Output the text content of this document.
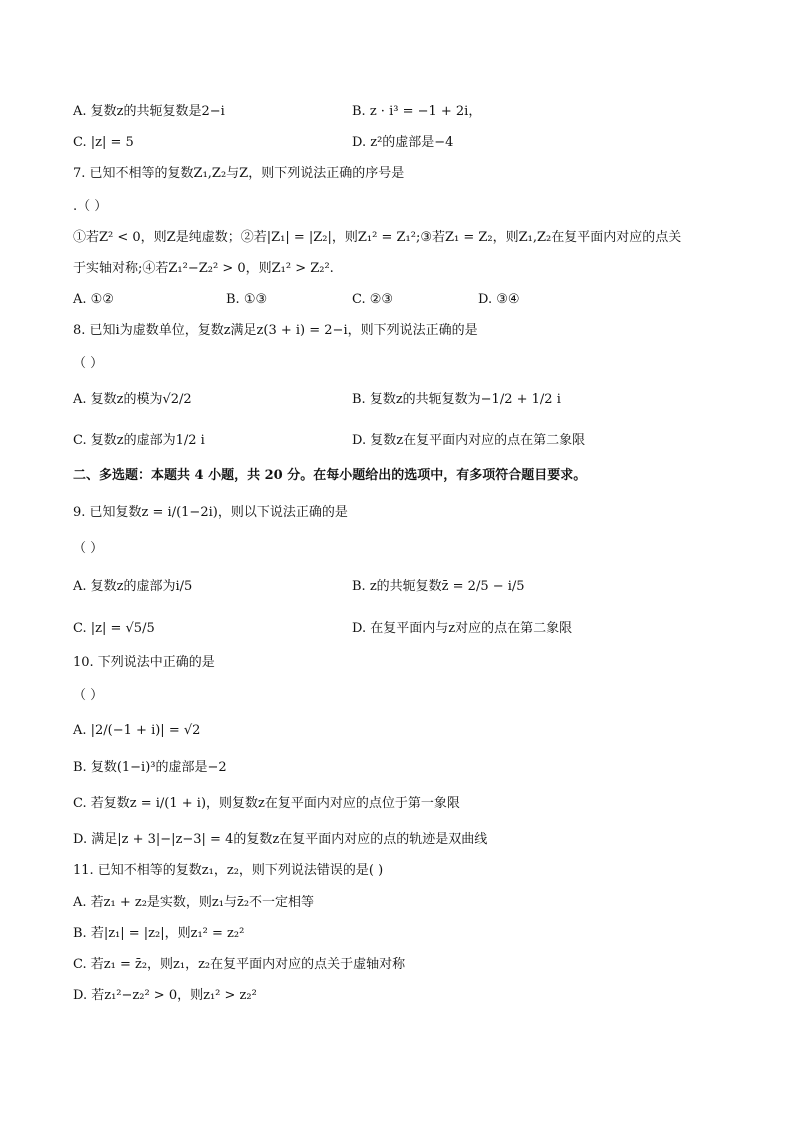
A. 复数z的共轭复数是2−i	B. z · i³ = −1 + 2i，
C. |z| = 5	D. z²的虚部是−4
7. 已知不相等的复数Z₁,Z₂与Z，则下列说法正确的序号是
.（ ）
①若Z² < 0，则Z是纯虚数；②若|Z₁| = |Z₂|，则Z₁² = Z₁²;③若Z₁ = Z₂，则Z₁,Z₂在复平面内对应的点关
于实轴对称;④若Z₁²−Z₂² > 0，则Z₁² > Z₂².
A. ①②	B. ①③	C. ②③	D. ③④
8. 已知i为虚数单位，复数z满足z(3 + i) = 2−i，则下列说法正确的是
（ ）
A. 复数z的模为√2/2	B. 复数z的共轭复数为−1/2 + 1/2 i
C. 复数z的虚部为1/2 i	D. 复数z在复平面内对应的点在第二象限
二、多选题：本题共 4 小题，共 20 分。在每小题给出的选项中，有多项符合题目要求。
9. 已知复数z = i/(1−2i)，则以下说法正确的是
（ ）
A. 复数z的虚部为i/5	B. z的共轭复数z̄ = 2/5 − i/5
C. |z| = √5/5	D. 在复平面内与z对应的点在第二象限
10. 下列说法中正确的是
（ ）
A. |2/(−1 + i)| = √2
B. 复数(1−i)³的虚部是−2
C. 若复数z = i/(1 + i)，则复数z在复平面内对应的点位于第一象限
D. 满足|z + 3|−|z−3| = 4的复数z在复平面内对应的点的轨迹是双曲线
11. 已知不相等的复数z₁，z₂，则下列说法错误的是( )
A. 若z₁ + z₂是实数，则z₁与z̄₂不一定相等
B. 若|z₁| = |z₂|，则z₁² = z₂²
C. 若z₁ = z̄₂，则z₁，z₂在复平面内对应的点关于虚轴对称
D. 若z₁²−z₂² > 0，则z₁² > z₂²
